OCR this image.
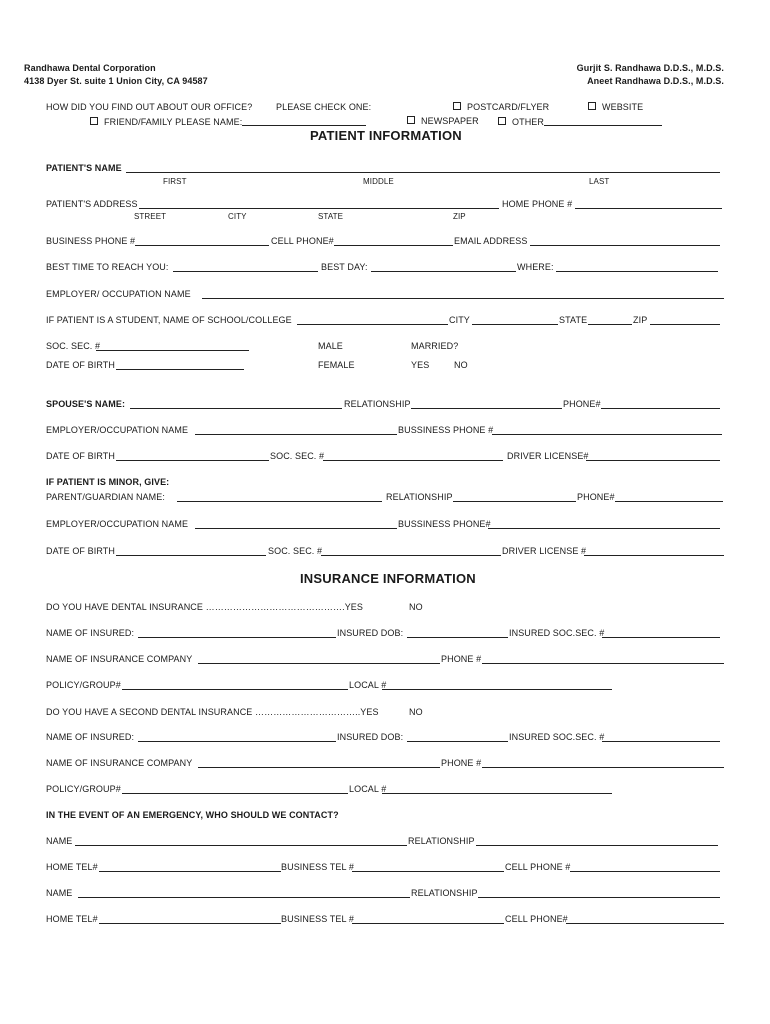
Randhawa Dental Corporation
4138 Dyer St. suite 1 Union City, CA 94587
Gurjit S. Randhawa D.D.S., M.D.S.
Aneet Randhawa D.D.S., M.D.S.
HOW DID YOU FIND OUT ABOUT OUR OFFICE?	PLEASE CHECK ONE:	POSTCARD/FLYER	WEBSITE
FRIEND/FAMILY PLEASE NAME:	NEWSPAPER	OTHER
PATIENT INFORMATION
PATIENT'S NAME
FIRST	MIDDLE	LAST
PATIENT'S ADDRESS	HOME PHONE #
STREET	CITY	STATE	ZIP
BUSINESS PHONE #	CELL PHONE#	EMAIL ADDRESS
BEST TIME TO REACH YOU:	BEST DAY:	WHERE:
EMPLOYER/ OCCUPATION NAME
IF PATIENT IS A STUDENT, NAME OF SCHOOL/COLLEGE	CITY	STATE	ZIP
SOC. SEC. #	MALE	MARRIED?
DATE OF BIRTH	FEMALE	YES	NO
SPOUSE'S NAME:	RELATIONSHIP	PHONE#
EMPLOYER/OCCUPATION NAME	BUSSINESS PHONE #
DATE OF BIRTH	SOC. SEC. #	DRIVER LICENSE#
IF PATIENT IS MINOR, GIVE:
PARENT/GUARDIAN NAME:	RELATIONSHIP	PHONE#
EMPLOYER/OCCUPATION NAME	BUSSINESS PHONE#
DATE OF BIRTH	SOC. SEC. #	DRIVER LICENSE #
INSURANCE INFORMATION
DO YOU HAVE DENTAL INSURANCE ……………………………………….YES	NO
NAME OF INSURED:	INSURED DOB:	INSURED SOC.SEC. #
NAME OF INSURANCE COMPANY	PHONE #
POLICY/GROUP#	LOCAL #
DO YOU HAVE A SECOND DENTAL INSURANCE ……………………………..YES	NO
NAME OF INSURED:	INSURED DOB:	INSURED SOC.SEC. #
NAME OF INSURANCE COMPANY	PHONE #
POLICY/GROUP#	LOCAL #
IN THE EVENT OF AN EMERGENCY, WHO SHOULD WE CONTACT?
NAME	RELATIONSHIP
HOME TEL#	BUSINESS TEL #	CELL PHONE #
NAME	RELATIONSHIP
HOME TEL#	BUSINESS TEL #	CELL PHONE#
